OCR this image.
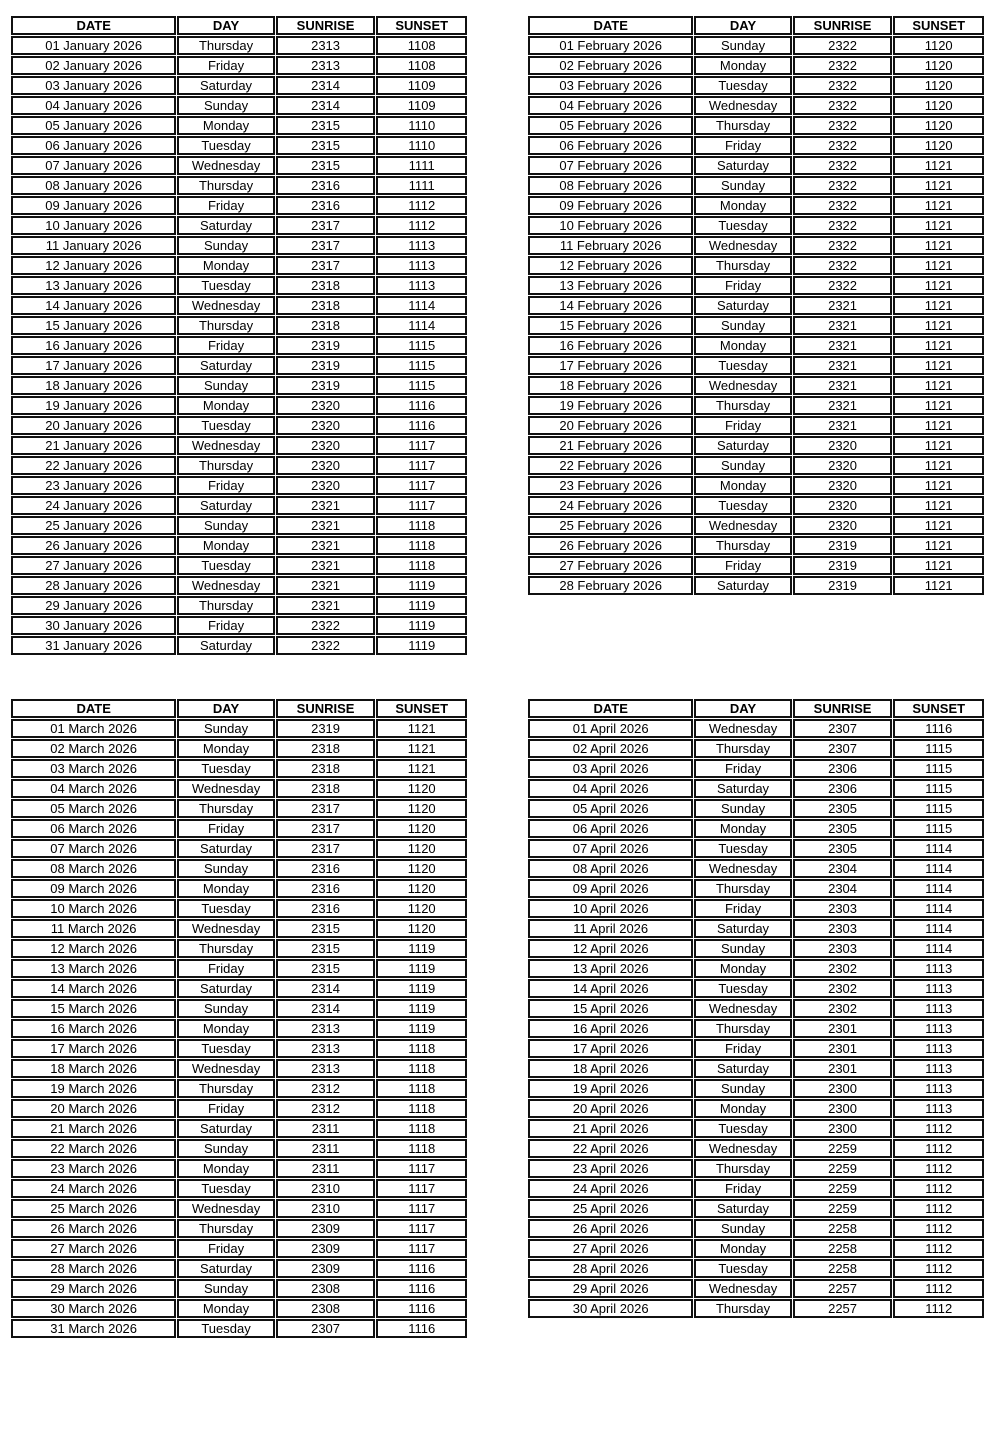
DATE	DAY	SUNRISE	SUNSET
01 January 2026	Thursday	2313	1108
02 January 2026	Friday	2313	1108
03 January 2026	Saturday	2314	1109
04 January 2026	Sunday	2314	1109
05 January 2026	Monday	2315	1110
06 January 2026	Tuesday	2315	1110
07 January 2026	Wednesday	2315	1111
08 January 2026	Thursday	2316	1111
09 January 2026	Friday	2316	1112
10 January 2026	Saturday	2317	1112
11 January 2026	Sunday	2317	1113
12 January 2026	Monday	2317	1113
13 January 2026	Tuesday	2318	1113
14 January 2026	Wednesday	2318	1114
15 January 2026	Thursday	2318	1114
16 January 2026	Friday	2319	1115
17 January 2026	Saturday	2319	1115
18 January 2026	Sunday	2319	1115
19 January 2026	Monday	2320	1116
20 January 2026	Tuesday	2320	1116
21 January 2026	Wednesday	2320	1117
22 January 2026	Thursday	2320	1117
23 January 2026	Friday	2320	1117
24 January 2026	Saturday	2321	1117
25 January 2026	Sunday	2321	1118
26 January 2026	Monday	2321	1118
27 January 2026	Tuesday	2321	1118
28 January 2026	Wednesday	2321	1119
29 January 2026	Thursday	2321	1119
30 January 2026	Friday	2322	1119
31 January 2026	Saturday	2322	1119
DATE	DAY	SUNRISE	SUNSET
01 February 2026	Sunday	2322	1120
02 February 2026	Monday	2322	1120
03 February 2026	Tuesday	2322	1120
04 February 2026	Wednesday	2322	1120
05 February 2026	Thursday	2322	1120
06 February 2026	Friday	2322	1120
07 February 2026	Saturday	2322	1121
08 February 2026	Sunday	2322	1121
09 February 2026	Monday	2322	1121
10 February 2026	Tuesday	2322	1121
11 February 2026	Wednesday	2322	1121
12 February 2026	Thursday	2322	1121
13 February 2026	Friday	2322	1121
14 February 2026	Saturday	2321	1121
15 February 2026	Sunday	2321	1121
16 February 2026	Monday	2321	1121
17 February 2026	Tuesday	2321	1121
18 February 2026	Wednesday	2321	1121
19 February 2026	Thursday	2321	1121
20 February 2026	Friday	2321	1121
21 February 2026	Saturday	2320	1121
22 February 2026	Sunday	2320	1121
23 February 2026	Monday	2320	1121
24 February 2026	Tuesday	2320	1121
25 February 2026	Wednesday	2320	1121
26 February 2026	Thursday	2319	1121
27 February 2026	Friday	2319	1121
28 February 2026	Saturday	2319	1121
DATE	DAY	SUNRISE	SUNSET
01 March 2026	Sunday	2319	1121
02 March 2026	Monday	2318	1121
03 March 2026	Tuesday	2318	1121
04 March 2026	Wednesday	2318	1120
05 March 2026	Thursday	2317	1120
06 March 2026	Friday	2317	1120
07 March 2026	Saturday	2317	1120
08 March 2026	Sunday	2316	1120
09 March 2026	Monday	2316	1120
10 March 2026	Tuesday	2316	1120
11 March 2026	Wednesday	2315	1120
12 March 2026	Thursday	2315	1119
13 March 2026	Friday	2315	1119
14 March 2026	Saturday	2314	1119
15 March 2026	Sunday	2314	1119
16 March 2026	Monday	2313	1119
17 March 2026	Tuesday	2313	1118
18 March 2026	Wednesday	2313	1118
19 March 2026	Thursday	2312	1118
20 March 2026	Friday	2312	1118
21 March 2026	Saturday	2311	1118
22 March 2026	Sunday	2311	1118
23 March 2026	Monday	2311	1117
24 March 2026	Tuesday	2310	1117
25 March 2026	Wednesday	2310	1117
26 March 2026	Thursday	2309	1117
27 March 2026	Friday	2309	1117
28 March 2026	Saturday	2309	1116
29 March 2026	Sunday	2308	1116
30 March 2026	Monday	2308	1116
31 March 2026	Tuesday	2307	1116
DATE	DAY	SUNRISE	SUNSET
01 April 2026	Wednesday	2307	1116
02 April 2026	Thursday	2307	1115
03 April 2026	Friday	2306	1115
04 April 2026	Saturday	2306	1115
05 April 2026	Sunday	2305	1115
06 April 2026	Monday	2305	1115
07 April 2026	Tuesday	2305	1114
08 April 2026	Wednesday	2304	1114
09 April 2026	Thursday	2304	1114
10 April 2026	Friday	2303	1114
11 April 2026	Saturday	2303	1114
12 April 2026	Sunday	2303	1114
13 April 2026	Monday	2302	1113
14 April 2026	Tuesday	2302	1113
15 April 2026	Wednesday	2302	1113
16 April 2026	Thursday	2301	1113
17 April 2026	Friday	2301	1113
18 April 2026	Saturday	2301	1113
19 April 2026	Sunday	2300	1113
20 April 2026	Monday	2300	1113
21 April 2026	Tuesday	2300	1112
22 April 2026	Wednesday	2259	1112
23 April 2026	Thursday	2259	1112
24 April 2026	Friday	2259	1112
25 April 2026	Saturday	2259	1112
26 April 2026	Sunday	2258	1112
27 April 2026	Monday	2258	1112
28 April 2026	Tuesday	2258	1112
29 April 2026	Wednesday	2257	1112
30 April 2026	Thursday	2257	1112
